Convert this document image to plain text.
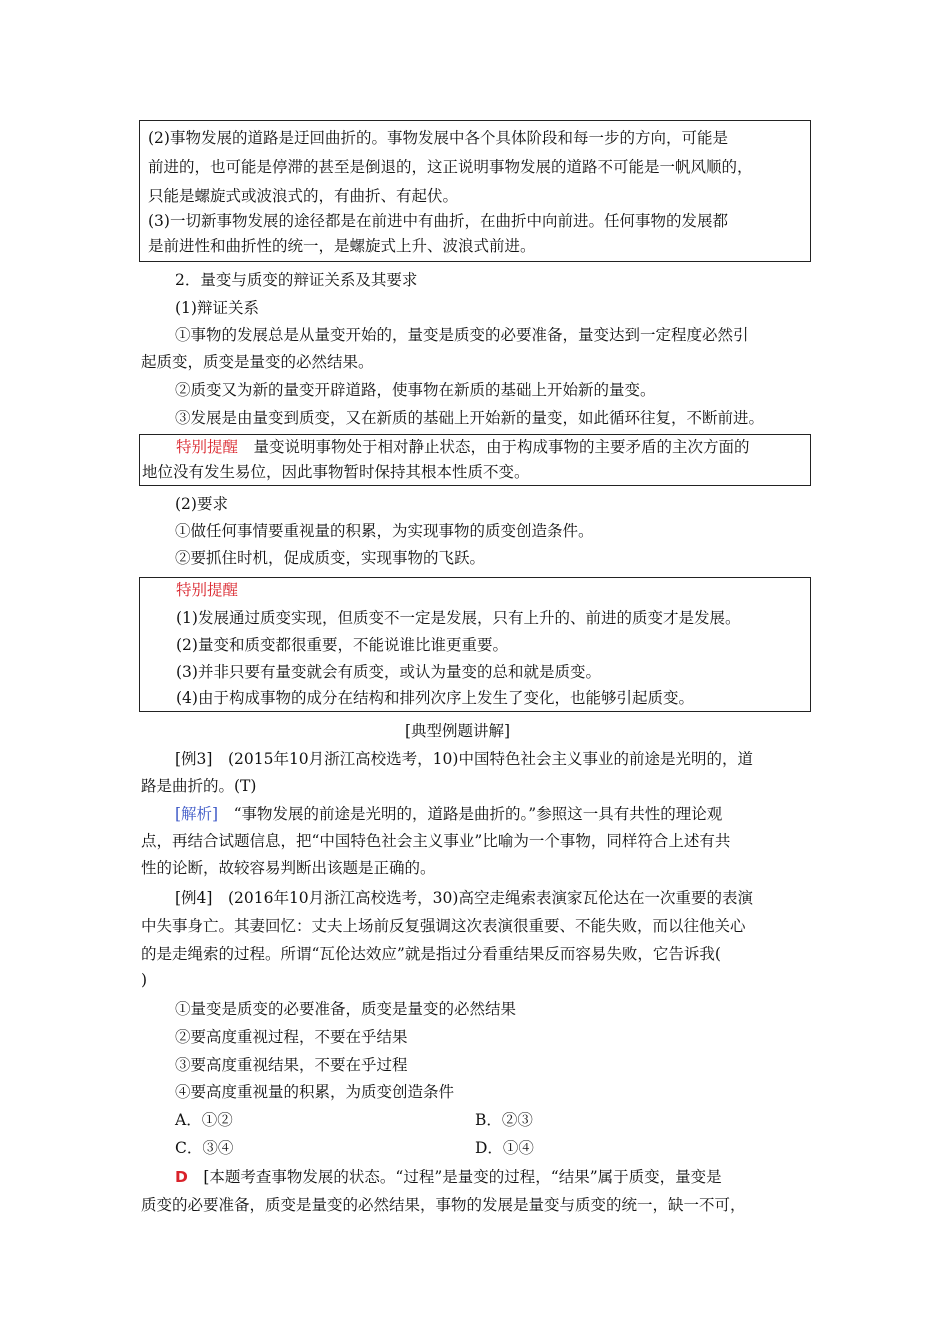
(2)事物发展的道路是迂回曲折的。事物发展中各个具体阶段和每一步的方向，可能是
前进的，也可能是停滞的甚至是倒退的，这正说明事物发展的道路不可能是一帆风顺的，
只能是螺旋式或波浪式的，有曲折、有起伏。
(3)一切新事物发展的途径都是在前进中有曲折，在曲折中向前进。任何事物的发展都
是前进性和曲折性的统一，是螺旋式上升、波浪式前进。
2．量变与质变的辩证关系及其要求
(1)辩证关系
①事物的发展总是从量变开始的，量变是质变的必要准备，量变达到一定程度必然引
起质变，质变是量变的必然结果。
②质变又为新的量变开辟道路，使事物在新质的基础上开始新的量变。
③发展是由量变到质变，又在新质的基础上开始新的量变，如此循环往复，不断前进。
特别提醒　 量变说明事物处于相对静止状态，由于构成事物的主要矛盾的主次方面的
地位没有发生易位，因此事物暂时保持其根本性质不变。
(2)要求
①做任何事情要重视量的积累，为实现事物的质变创造条件。
②要抓住时机，促成质变，实现事物的飞跃。
特别提醒
(1)发展通过质变实现，但质变不一定是发展，只有上升的、前进的质变才是发展。
(2)量变和质变都很重要，不能说谁比谁更重要。
(3)并非只要有量变就会有质变，或认为量变的总和就是质变。
(4)由于构成事物的成分在结构和排列次序上发生了变化，也能够引起质变。
[典型例题讲解]
[例3]　(2015年10月浙江高校选考，10)中国特色社会主义事业的前途是光明的，道
路是曲折的。(T)
[解析]　“事物发展的前途是光明的，道路是曲折的。”参照这一具有共性的理论观
点，再结合试题信息，把“中国特色社会主义事业”比喻为一个事物，同样符合上述有共
性的论断，故较容易判断出该题是正确的。
[例4]　(2016年10月浙江高校选考，30)高空走绳索表演家瓦伦达在一次重要的表演
中失事身亡。其妻回忆：丈夫上场前反复强调这次表演很重要、不能失败，而以往他关心
的是走绳索的过程。所谓“瓦伦达效应”就是指过分看重结果反而容易失败，它告诉我(
)
①量变是质变的必要准备，质变是量变的必然结果
②要高度重视过程，不要在乎结果
③要高度重视结果，不要在乎过程
④要高度重视量的积累，为质变创造条件
A．①②	B．②③
C．③④	D．①④
D　[本题考查事物发展的状态。“过程”是量变的过程，“结果”属于质变，量变是
质变的必要准备，质变是量变的必然结果，事物的发展是量变与质变的统一，缺一不可，
